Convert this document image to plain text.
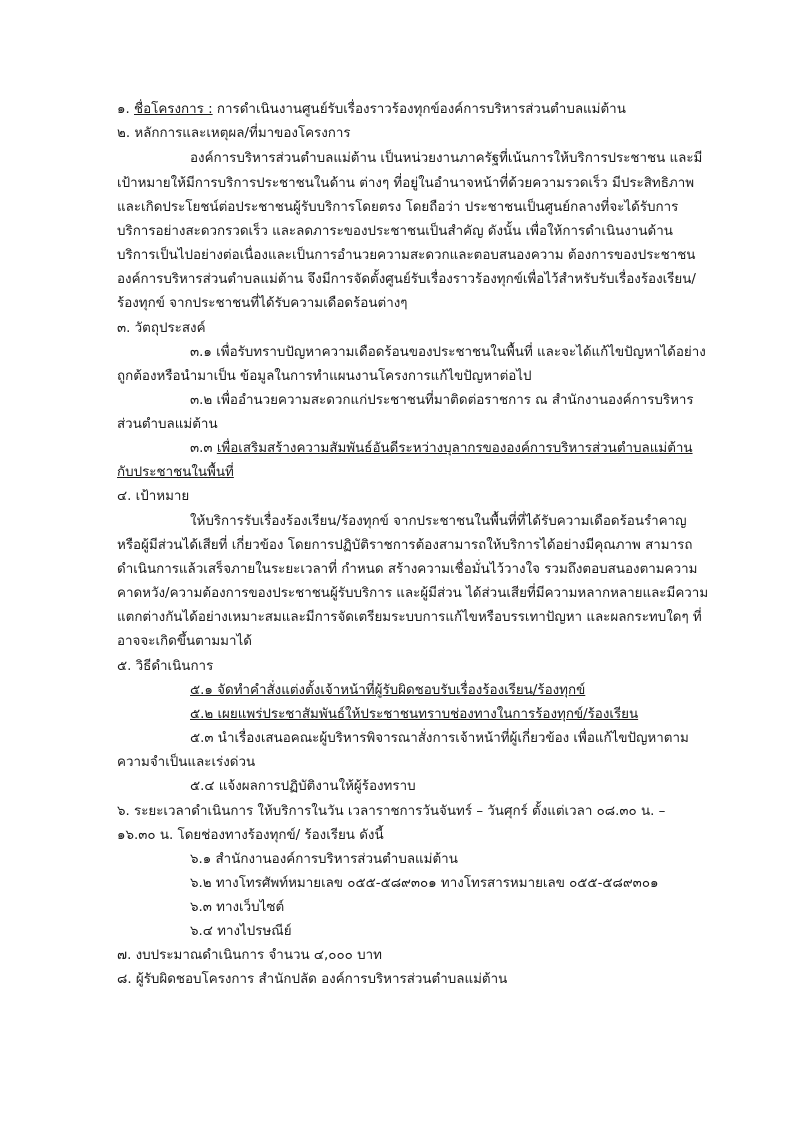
๑. ชื่อโครงการ : การดำเนินงานศูนย์รับเรื่องราวร้องทุกข์องค์การบริหารส่วนตำบลแม่ต้าน
๒. หลักการและเหตุผล/ที่มาของโครงการ
องค์การบริหารส่วนตำบลแม่ต้าน เป็นหน่วยงานภาครัฐที่เน้นการให้บริการประชาชน และมี
เป้าหมายให้มีการบริการประชาชนในด้าน ต่างๆ ที่อยู่ในอำนาจหน้าที่ด้วยความรวดเร็ว มีประสิทธิภาพ
และเกิดประโยชน์ต่อประชาชนผู้รับบริการโดยตรง โดยถือว่า ประชาชนเป็นศูนย์กลางที่จะได้รับการ
บริการอย่างสะดวกรวดเร็ว และลดภาระของประชาชนเป็นสำคัญ ดังนั้น เพื่อให้การดำเนินงานด้าน
บริการเป็นไปอย่างต่อเนื่องและเป็นการอำนวยความสะดวกและตอบสนองความ ต้องการของประชาชน
องค์การบริหารส่วนตำบลแม่ต้าน จึงมีการจัดตั้งศูนย์รับเรื่องราวร้องทุกข์เพื่อไว้สำหรับรับเรื่องร้องเรียน/
ร้องทุกข์ จากประชาชนที่ได้รับความเดือดร้อนต่างๆ
๓. วัตถุประสงค์
๓.๑ เพื่อรับทราบปัญหาความเดือดร้อนของประชาชนในพื้นที่ และจะได้แก้ไขปัญหาได้อย่าง
ถูกต้องหรือนำมาเป็น ข้อมูลในการทำแผนงานโครงการแก้ไขปัญหาต่อไป
๓.๒ เพื่ออำนวยความสะดวกแก่ประชาชนที่มาติดต่อราชการ ณ สำนักงานองค์การบริหาร
ส่วนตำบลแม่ต้าน
๓.๓ เพื่อเสริมสร้างความสัมพันธ์อันดีระหว่างบุลากรขององค์การบริหารส่วนตำบลแม่ต้าน
กับประชาชนในพื้นที่
๔. เป้าหมาย
ให้บริการรับเรื่องร้องเรียน/ร้องทุกข์ จากประชาชนในพื้นที่ที่ได้รับความเดือดร้อนรำคาญ
หรือผู้มีส่วนได้เสียที่ เกี่ยวข้อง โดยการปฏิบัติราชการต้องสามารถให้บริการได้อย่างมีคุณภาพ สามารถ
ดำเนินการแล้วเสร็จภายในระยะเวลาที่ กำหนด สร้างความเชื่อมั่นไว้วางใจ รวมถึงตอบสนองตามความ
คาดหวัง/ความต้องการของประชาชนผู้รับบริการ และผู้มีส่วน ได้ส่วนเสียที่มีความหลากหลายและมีความ
แตกต่างกันได้อย่างเหมาะสมและมีการจัดเตรียมระบบการแก้ไขหรือบรรเทาปัญหา และผลกระทบใดๆ ที่
อาจจะเกิดขึ้นตามมาได้
๕. วิธีดำเนินการ
๕.๑ จัดทำคำสั่งแต่งตั้งเจ้าหน้าที่ผู้รับผิดชอบรับเรื่องร้องเรียน/ร้องทุกข์
๕.๒ เผยแพร่ประชาสัมพันธ์ให้ประชาชนทราบช่องทางในการร้องทุกข์/ร้องเรียน
๕.๓ นำเรื่องเสนอคณะผู้บริหารพิจารณาสั่งการเจ้าหน้าที่ผู้เกี่ยวข้อง เพื่อแก้ไขปัญหาตาม
ความจำเป็นและเร่งด่วน
๕.๔ แจ้งผลการปฏิบัติงานให้ผู้ร้องทราบ
๖. ระยะเวลาดำเนินการ ให้บริการในวัน เวลาราชการวันจันทร์ – วันศุกร์ ตั้งแต่เวลา ๐๘.๓๐ น. –
๑๖.๓๐ น. โดยช่องทางร้องทุกข์/ ร้องเรียน ดังนี้
๖.๑ สำนักงานองค์การบริหารส่วนตำบลแม่ต้าน
๖.๒ ทางโทรศัพท์หมายเลข ๐๕๕-๕๘๙๓๐๑ ทางโทรสารหมายเลข ๐๕๕-๕๘๙๓๐๑
๖.๓ ทางเว็บไซต์
๖.๔ ทางไปรษณีย์
๗. งบประมาณดำเนินการ จำนวน ๔,๐๐๐ บาท
๘. ผู้รับผิดชอบโครงการ สำนักปลัด องค์การบริหารส่วนตำบลแม่ต้าน
